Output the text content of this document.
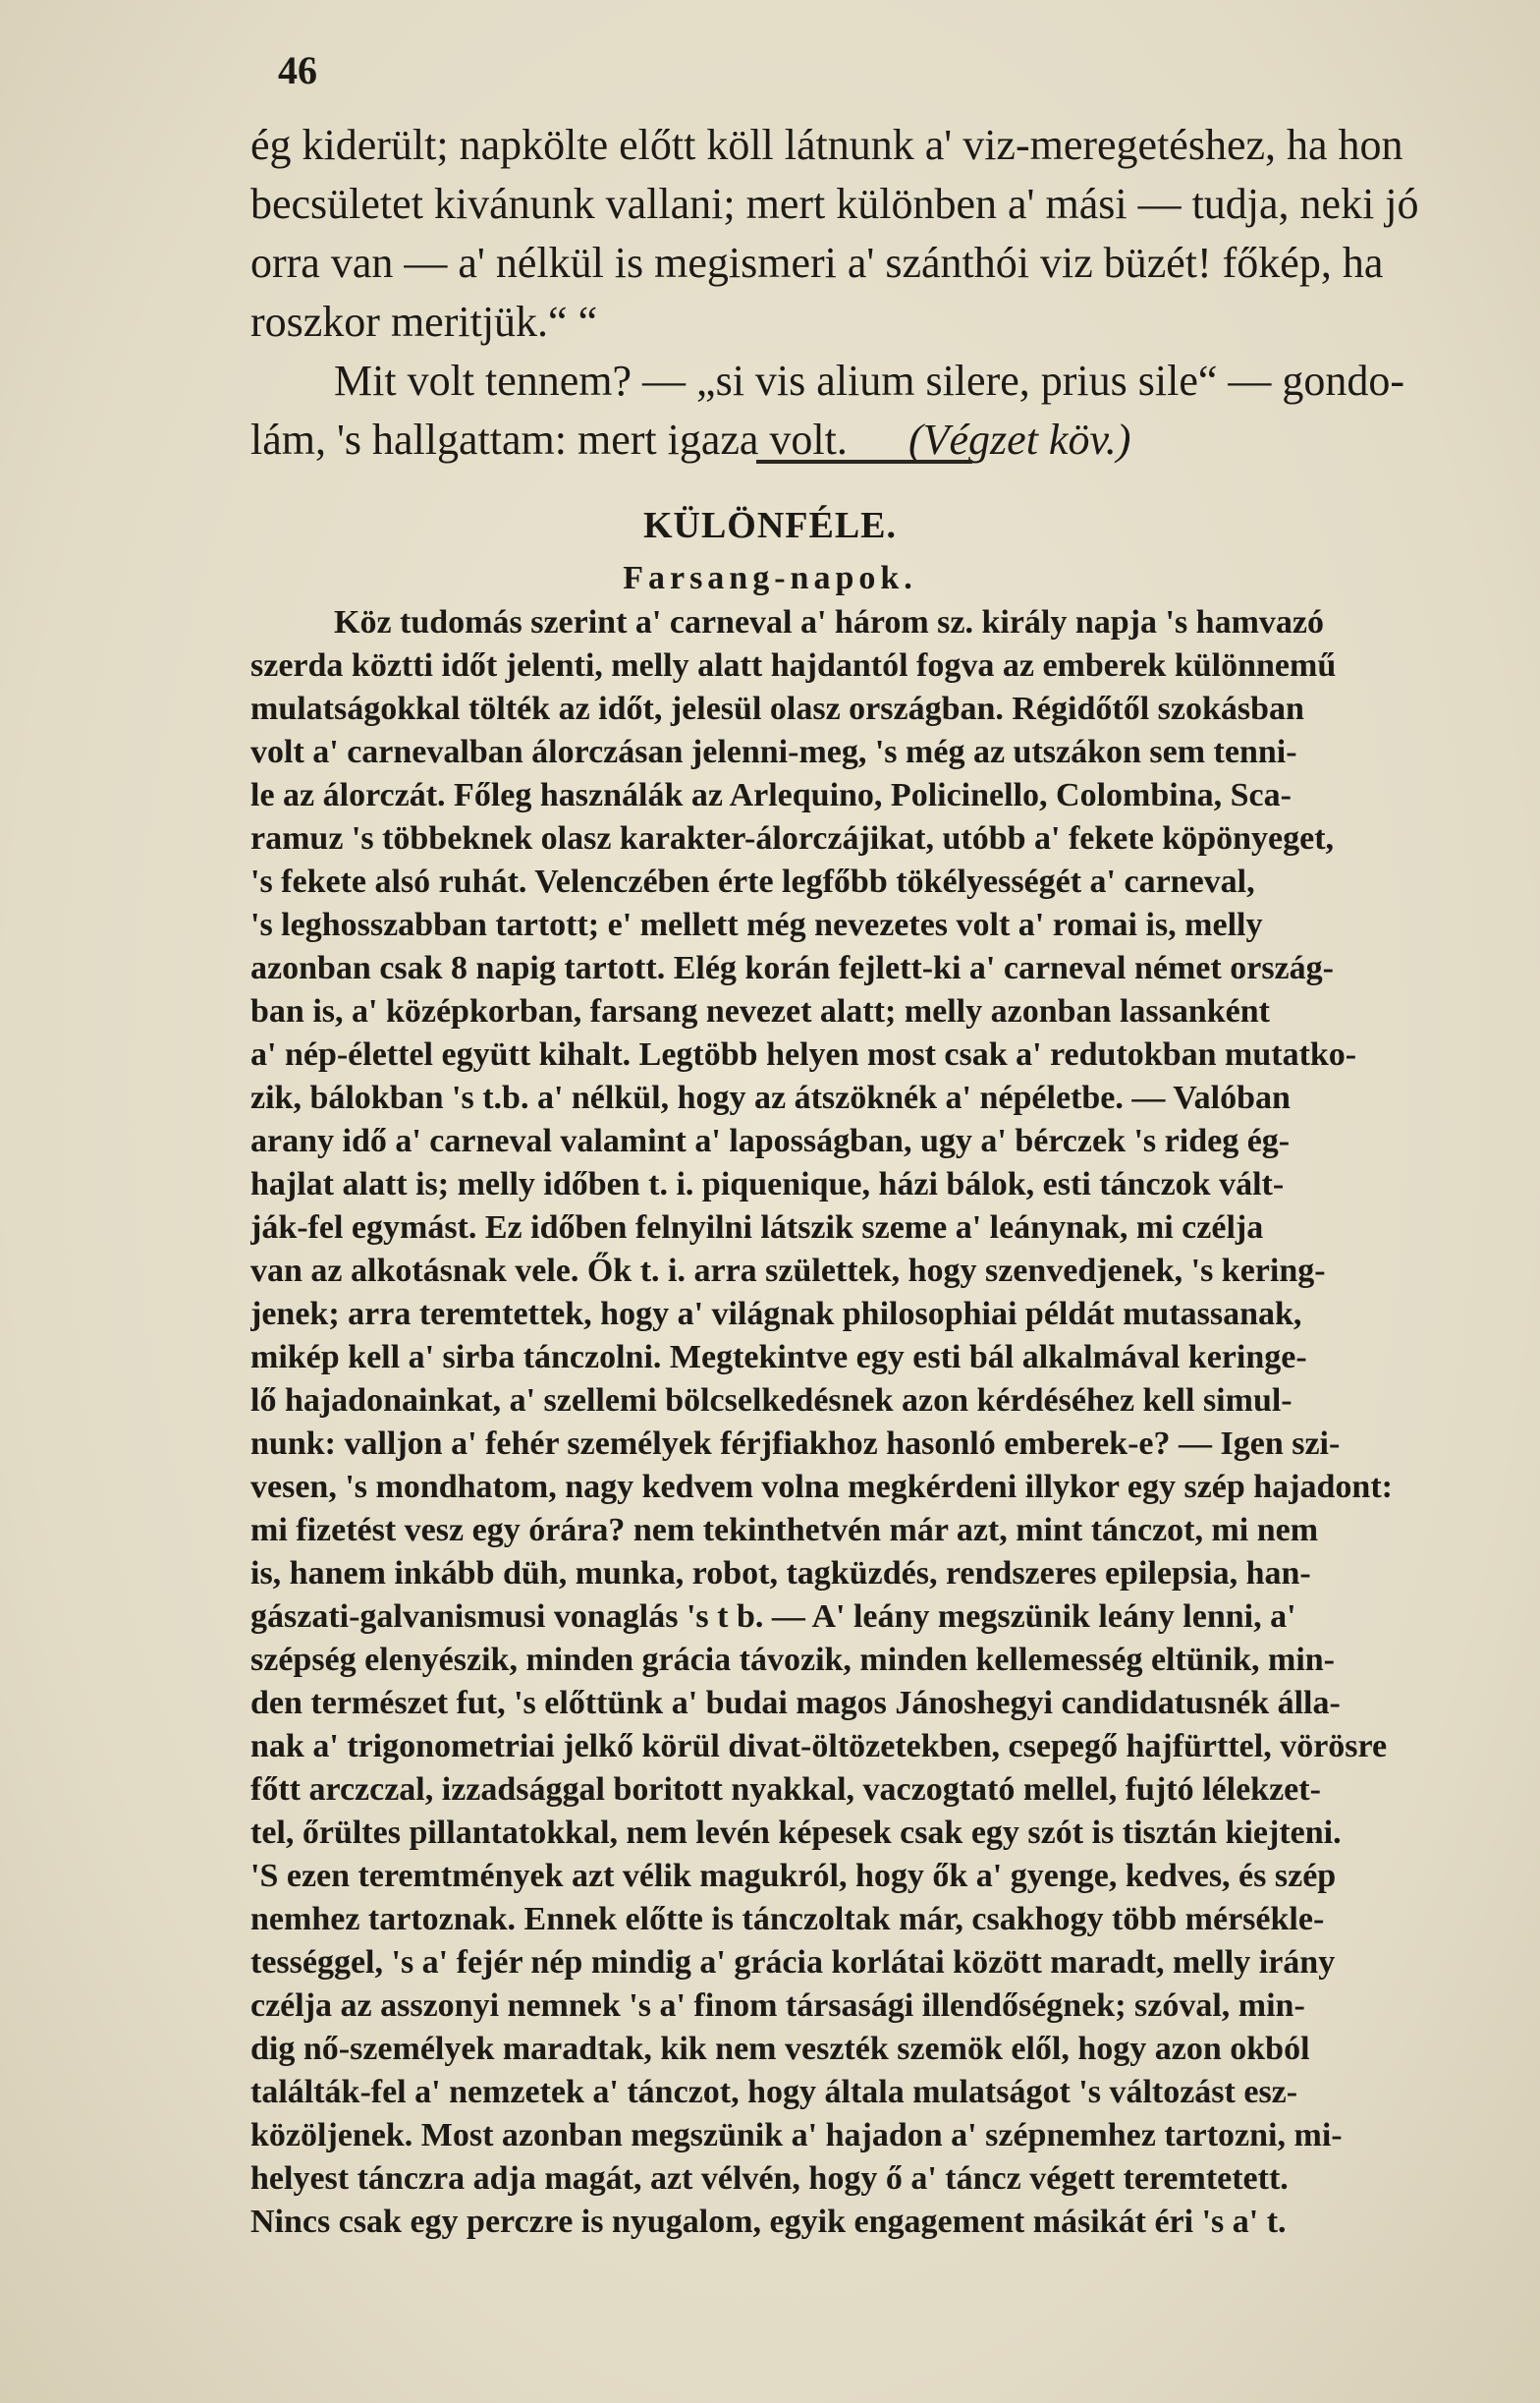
46
ég kiderült; napkölte előtt köll látnunk a' viz-meregetéshez, ha hon
becsületet kivánunk vallani; mert különben a' mási — tudja, neki jó
orra van — a' nélkül is megismeri a' szánthói viz büzét! főkép, ha
roszkor meritjük.“ “
Mit volt tennem? — „si vis alium silere, prius sile“ — gondo-
lám, 's hallgattam: mert igaza volt. (Végzet köv.)
KÜLÖNFÉLE.
Farsang-napok.
Köz tudomás szerint a' carneval a' három sz. király napja 's hamvazó
szerda köztti időt jelenti, melly alatt hajdantól fogva az emberek különnemű
mulatságokkal tölték az időt, jelesül olasz országban. Régidőtől szokásban
volt a' carnevalban álorczásan jelenni-meg, 's még az utszákon sem tenni-
le az álorczát. Főleg használák az Arlequino, Policinello, Colombina, Sca-
ramuz 's többeknek olasz karakter-álorczájikat, utóbb a' fekete köpönyeget,
's fekete alsó ruhát. Velenczében érte legfőbb tökélyességét a' carneval,
's leghosszabban tartott; e' mellett még nevezetes volt a' romai is, melly
azonban csak 8 napig tartott. Elég korán fejlett-ki a' carneval német ország-
ban is, a' középkorban, farsang nevezet alatt; melly azonban lassanként
a' nép-élettel együtt kihalt. Legtöbb helyen most csak a' redutokban mutatko-
zik, bálokban 's t.b. a' nélkül, hogy az átszöknék a' népéletbe. — Valóban
arany idő a' carneval valamint a' laposságban, ugy a' bérczek 's rideg ég-
hajlat alatt is; melly időben t. i. piquenique, házi bálok, esti tánczok vált-
ják-fel egymást. Ez időben felnyilni látszik szeme a' leánynak, mi czélja
van az alkotásnak vele. Ők t. i. arra születtek, hogy szenvedjenek, 's kering-
jenek; arra teremtettek, hogy a' világnak philosophiai példát mutassanak,
mikép kell a' sirba tánczolni. Megtekintve egy esti bál alkalmával keringe-
lő hajadonainkat, a' szellemi bölcselkedésnek azon kérdéséhez kell simul-
nunk: valljon a' fehér személyek férjfiakhoz hasonló emberek-e? — Igen szi-
vesen, 's mondhatom, nagy kedvem volna megkérdeni illykor egy szép hajadont:
mi fizetést vesz egy órára? nem tekinthetvén már azt, mint tánczot, mi nem
is, hanem inkább düh, munka, robot, tagküzdés, rendszeres epilepsia, han-
gászati-galvanismusi vonaglás 's t b. — A' leány megszünik leány lenni, a'
szépség elenyészik, minden grácia távozik, minden kellemesség eltünik, min-
den természet fut, 's előttünk a' budai magos Jánoshegyi candidatusnék álla-
nak a' trigonometriai jelkő körül divat-öltözetekben, csepegő hajfürttel, vörösre
főtt arczczal, izzadsággal boritott nyakkal, vaczogtató mellel, fujtó lélekzet-
tel, őrültes pillantatokkal, nem levén képesek csak egy szót is tisztán kiejteni.
'S ezen teremtmények azt vélik magukról, hogy ők a' gyenge, kedves, és szép
nemhez tartoznak. Ennek előtte is tánczoltak már, csakhogy több mérsékle-
tességgel, 's a' fejér nép mindig a' grácia korlátai között maradt, melly irány
czélja az asszonyi nemnek 's a' finom társasági illendőségnek; szóval, min-
dig nő-személyek maradtak, kik nem veszték szemök elől, hogy azon okból
találták-fel a' nemzetek a' tánczot, hogy általa mulatságot 's változást esz-
közöljenek. Most azonban megszünik a' hajadon a' szépnemhez tartozni, mi-
helyest tánczra adja magát, azt vélvén, hogy ő a' táncz végett teremtetett.
Nincs csak egy perczre is nyugalom, egyik engagement másikát éri 's a' t.
